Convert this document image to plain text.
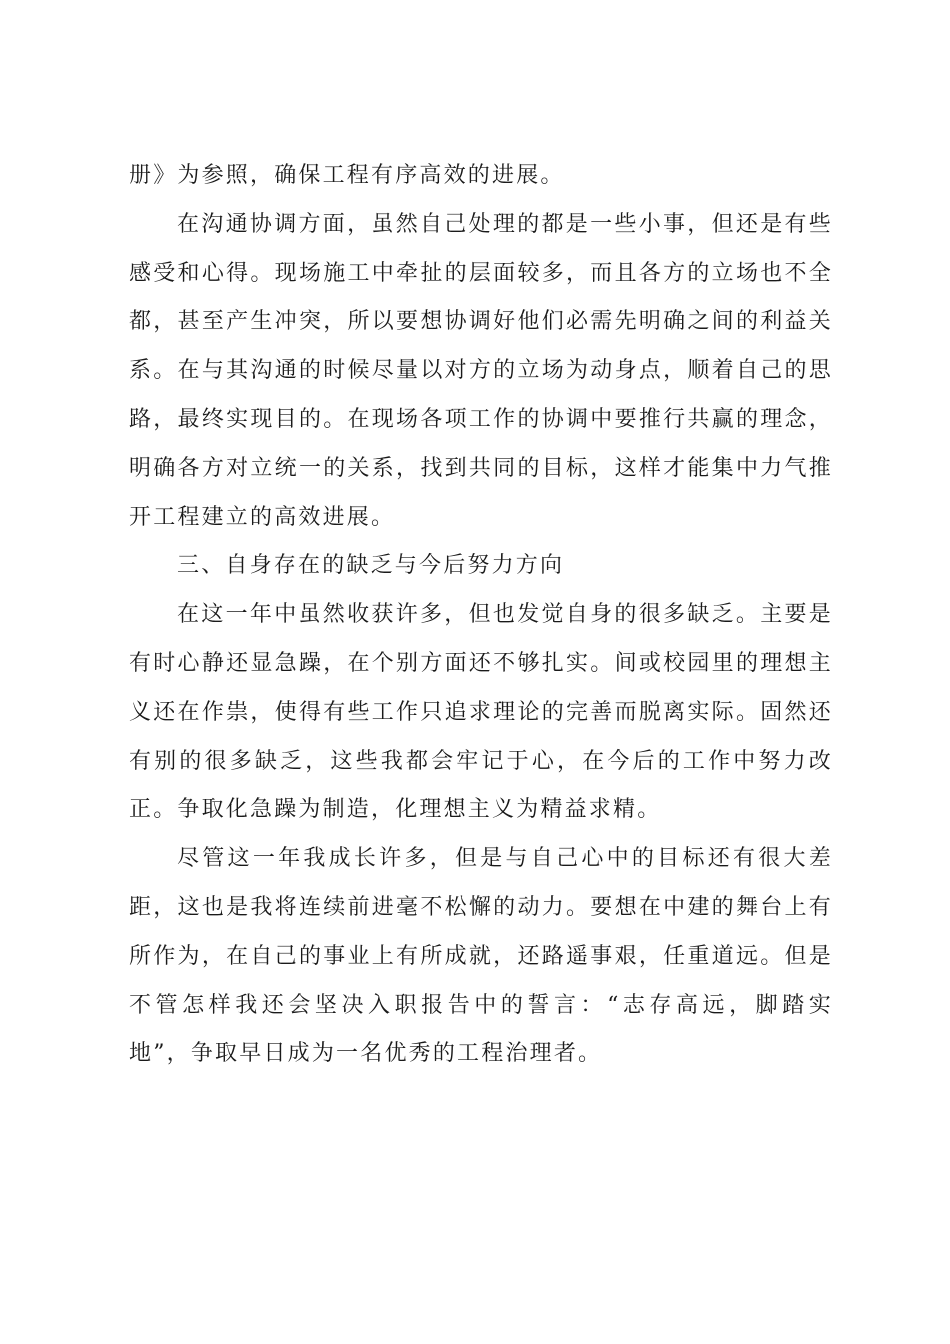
册》为参照，确保工程有序高效的进展。

在沟通协调方面，虽然自己处理的都是一些小事，但还是有些感受和心得。现场施工中牵扯的层面较多，而且各方的立场也不全都，甚至产生冲突，所以要想协调好他们必需先明确之间的利益关系。在与其沟通的时候尽量以对方的立场为动身点，顺着自己的思路，最终实现目的。在现场各项工作的协调中要推行共赢的理念，明确各方对立统一的关系，找到共同的目标，这样才能集中力气推开工程建立的高效进展。

三、自身存在的缺乏与今后努力方向

在这一年中虽然收获许多，但也发觉自身的很多缺乏。主要是有时心静还显急躁，在个别方面还不够扎实。间或校园里的理想主义还在作祟，使得有些工作只追求理论的完善而脱离实际。固然还有别的很多缺乏，这些我都会牢记于心，在今后的工作中努力改正。争取化急躁为制造，化理想主义为精益求精。

尽管这一年我成长许多，但是与自己心中的目标还有很大差距，这也是我将连续前进毫不松懈的动力。要想在中建的舞台上有所作为，在自己的事业上有所成就，还路遥事艰，任重道远。但是不管怎样我还会坚决入职报告中的誓言：“志存高远，脚踏实地”，争取早日成为一名优秀的工程治理者。
